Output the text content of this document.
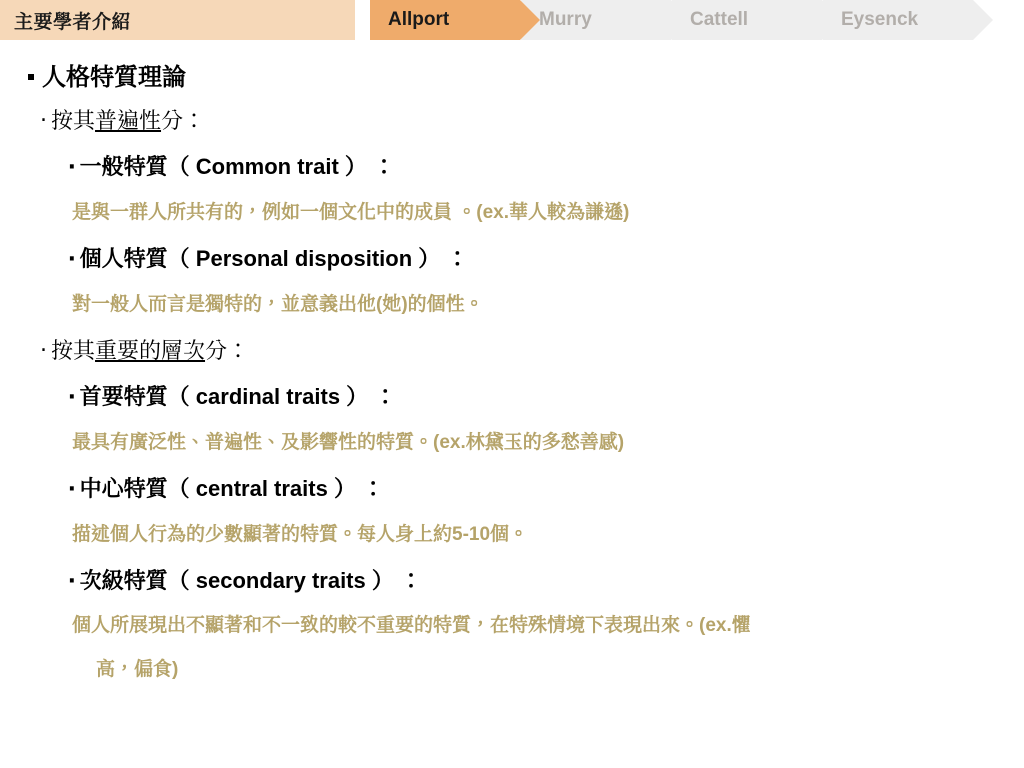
主要學者介紹	Allport	Murry	Cattell	Eysenck
人格特質理論
‧ 按其普遍性分：
‧ 一般特質（ Common trait ） ：
是與一群人所共有的，例如一個文化中的成員 。(ex.華人較為謙遜)
‧ 個人特質（ Personal disposition ） ：
對一般人而言是獨特的，並意義出他(她)的個性。
‧ 按其重要的層次分：
‧ 首要特質（ cardinal traits ） ：
最具有廣泛性、普遍性、及影響性的特質。(ex.林黛玉的多愁善感)
‧ 中心特質（ central traits ） ：
描述個人行為的少數顯著的特質。每人身上約5-10個。
‧ 次級特質（ secondary traits ） ：
個人所展現出不顯著和不一致的較不重要的特質，在特殊情境下表現出來。(ex.懼
高，偏食)
